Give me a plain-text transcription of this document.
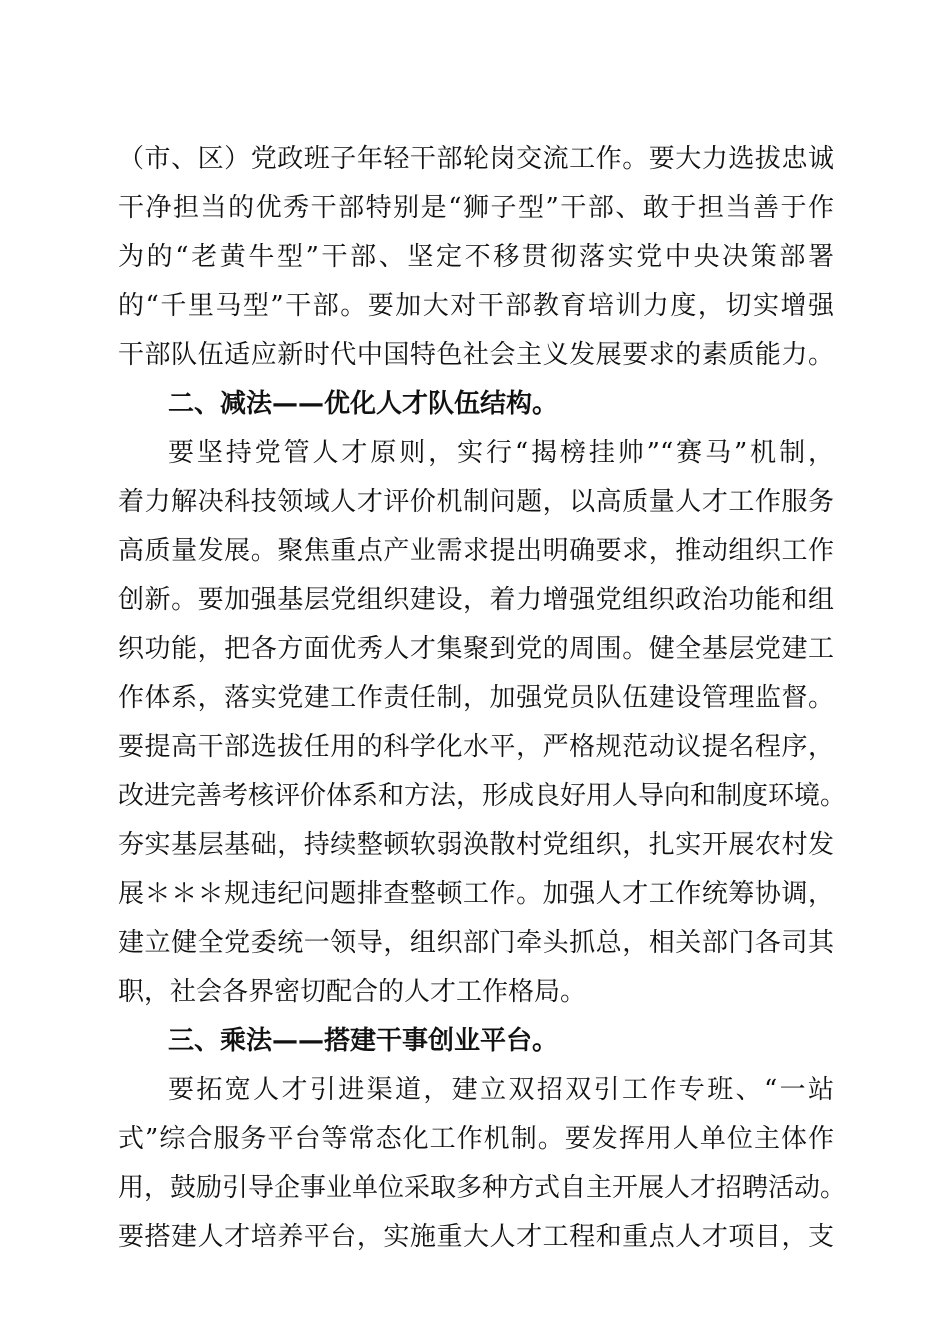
（市、区）党政班子年轻干部轮岗交流工作。要大力选拔忠诚
干净担当的优秀干部特别是“狮子型”干部、敢于担当善于作
为的“老黄牛型”干部、坚定不移贯彻落实党中央决策部署
的“千里马型”干部。要加大对干部教育培训力度，切实增强
干部队伍适应新时代中国特色社会主义发展要求的素质能力。
二、减法——优化人才队伍结构。
要坚持党管人才原则，实行“揭榜挂帅”“赛马”机制，
着力解决科技领域人才评价机制问题，以高质量人才工作服务
高质量发展。聚焦重点产业需求提出明确要求，推动组织工作
创新。要加强基层党组织建设，着力增强党组织政治功能和组
织功能，把各方面优秀人才集聚到党的周围。健全基层党建工
作体系，落实党建工作责任制，加强党员队伍建设管理监督。
要提高干部选拔任用的科学化水平，严格规范动议提名程序，
改进完善考核评价体系和方法，形成良好用人导向和制度环境。
夯实基层基础，持续整顿软弱涣散村党组织，扎实开展农村发
展＊＊＊规违纪问题排查整顿工作。加强人才工作统筹协调，
建立健全党委统一领导，组织部门牵头抓总，相关部门各司其
职，社会各界密切配合的人才工作格局。
三、乘法——搭建干事创业平台。
要拓宽人才引进渠道，建立双招双引工作专班、“一站
式”综合服务平台等常态化工作机制。要发挥用人单位主体作
用，鼓励引导企事业单位采取多种方式自主开展人才招聘活动。
要搭建人才培养平台，实施重大人才工程和重点人才项目，支
